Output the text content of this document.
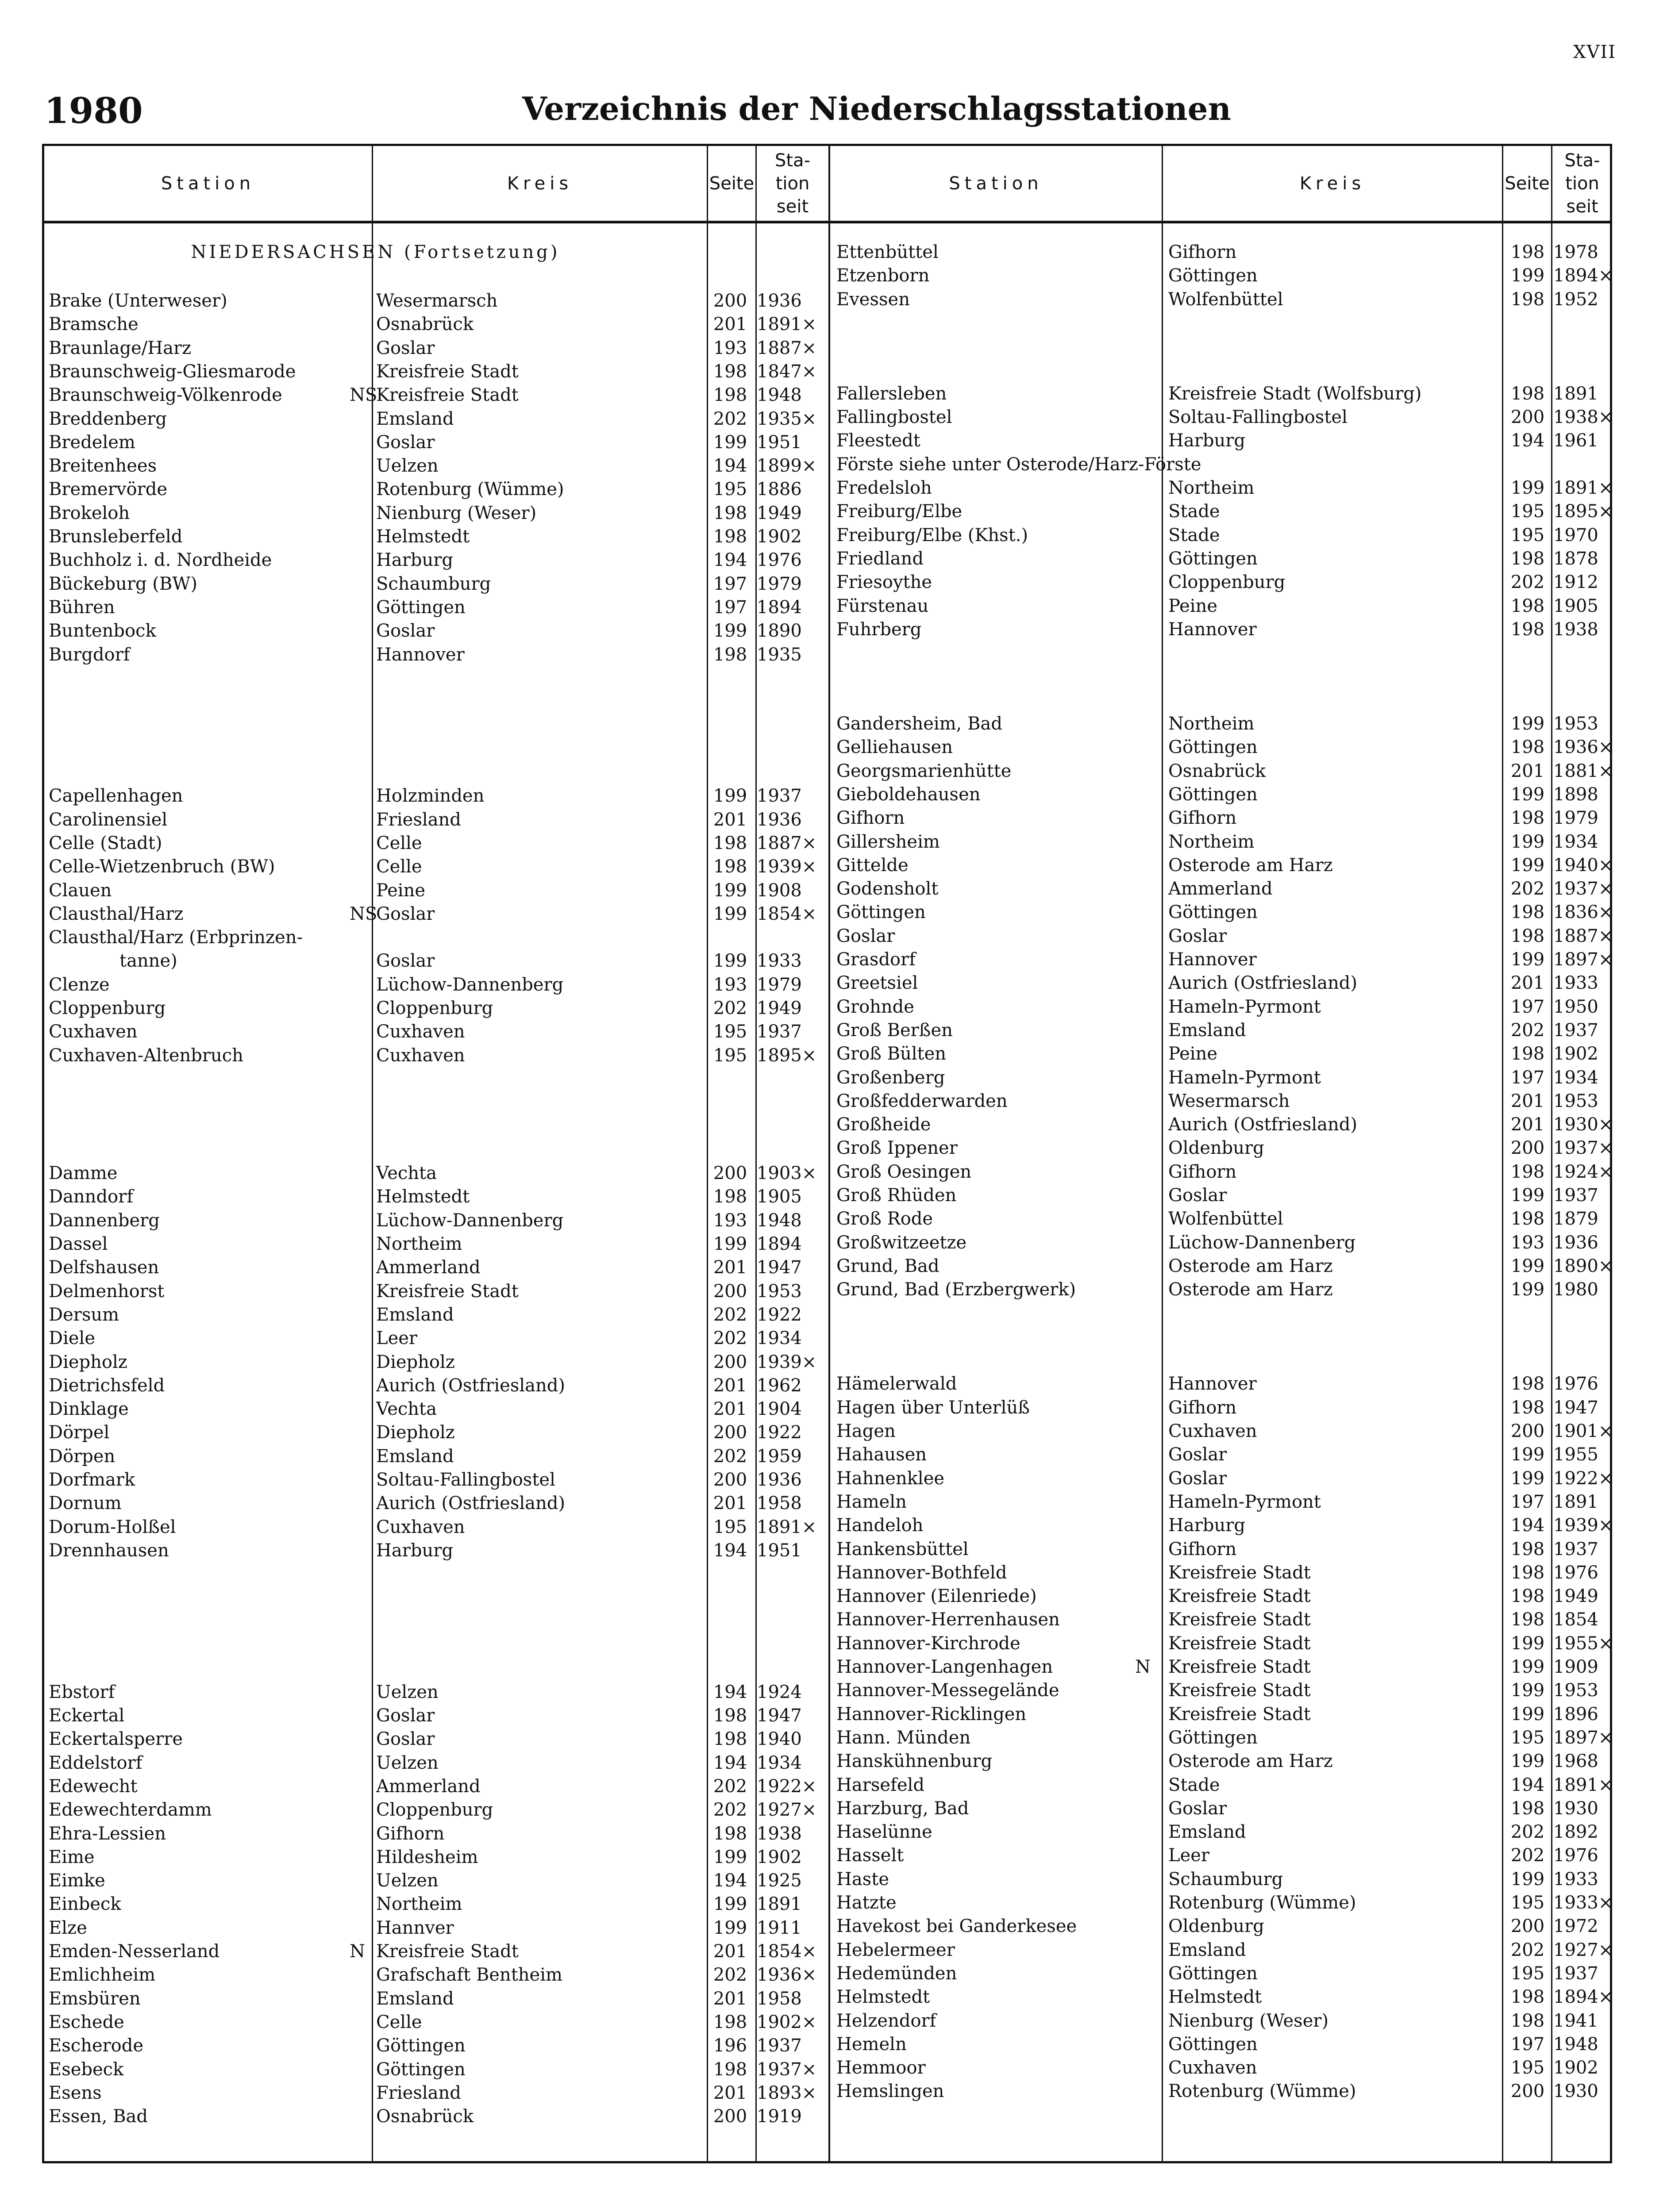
XVII
1980	Verzeichnis der Niederschlagsstationen
Station	Kreis	Seite
Sta-
tion
seit
Station	Kreis	Seite
Sta-
tion
seit
NIEDERSACHSEN (Fortsetzung)
Brake (Unterweser)	Wesermarsch	200 1936
Bramsche	Osnabrück	201 1891×
Braunlage/Harz	Goslar	193 1887×
Braunschweig-Gliesmarode	Kreisfreie Stadt	198 1847×
Braunschweig-Völkenrode	Kreisfreie Stadt	198 1948
NS
Breddenberg	Emsland	202 1935×
Bredelem	Goslar	199 1951
Breitenhees	Uelzen	194 1899×
Bremervörde	Rotenburg (Wümme)	195 1886
Brokeloh	Nienburg (Weser)	198 1949
Brunsleberfeld	Helmstedt	198 1902
Buchholz i. d. Nordheide	Harburg	194 1976
Bückeburg (BW)	Schaumburg	197 1979
Bühren	Göttingen	197 1894
Buntenbock	Goslar	199 1890
Burgdorf	Hannover	198 1935
Capellenhagen	Holzminden	199 1937
Carolinensiel	Friesland	201 1936
Celle (Stadt)	Celle	198 1887×
Celle-Wietzenbruch (BW)	Celle	198 1939×
Clauen	Peine	199 1908
Clausthal/Harz	Goslar	199 1854×
NS
Clausthal/Harz (Erbprinzen-
tanne)	Goslar	199 1933
Clenze	Lüchow-Dannenberg	193 1979
Cloppenburg	Cloppenburg	202 1949
Cuxhaven	Cuxhaven	195 1937
Cuxhaven-Altenbruch	Cuxhaven	195 1895×
Damme	Vechta	200 1903×
Danndorf	Helmstedt	198 1905
Dannenberg	Lüchow-Dannenberg	193 1948
Dassel	Northeim	199 1894
Delfshausen	Ammerland	201 1947
Delmenhorst	Kreisfreie Stadt	200 1953
Dersum	Emsland	202 1922
Diele	Leer	202 1934
Diepholz	Diepholz	200 1939×
Dietrichsfeld	Aurich (Ostfriesland)	201 1962
Dinklage	Vechta	201 1904
Dörpel	Diepholz	200 1922
Dörpen	Emsland	202 1959
Dorfmark	Soltau-Fallingbostel	200 1936
Dornum	Aurich (Ostfriesland)	201 1958
Dorum-Holßel	Cuxhaven	195 1891×
Drennhausen	Harburg	194 1951
Ebstorf	Uelzen	194 1924
Eckertal	Goslar	198 1947
Eckertalsperre	Goslar	198 1940
Eddelstorf	Uelzen	194 1934
Edewecht	Ammerland	202 1922×
Edewechterdamm	Cloppenburg	202 1927×
Ehra-Lessien	Gifhorn	198 1938
Eime	Hildesheim	199 1902
Eimke	Uelzen	194 1925
Einbeck	Northeim	199 1891
Elze	Hannver	199 1911
Emden-Nesserland	Kreisfreie Stadt	201 1854×
N
Emlichheim	Grafschaft Bentheim	202 1936×
Emsbüren	Emsland	201 1958
Eschede	Celle	198 1902×
Escherode	Göttingen	196 1937
Esebeck	Göttingen	198 1937×
Esens	Friesland	201 1893×
Essen, Bad	Osnabrück	200 1919
Ettenbüttel	Gifhorn	198 1978
Etzenborn	Göttingen	199 1894×
Evessen	Wolfenbüttel	198 1952
Fallersleben	Kreisfreie Stadt (Wolfsburg)	198 1891
Fallingbostel	Soltau-Fallingbostel	200 1938×
Fleestedt	Harburg	194 1961
Förste siehe unter Osterode/Harz-Förste
Fredelsloh	Northeim	199 1891×
Freiburg/Elbe	Stade	195 1895×
Freiburg/Elbe (Khst.)	Stade	195 1970
Friedland	Göttingen	198 1878
Friesoythe	Cloppenburg	202 1912
Fürstenau	Peine	198 1905
Fuhrberg	Hannover	198 1938
Gandersheim, Bad	Northeim	199 1953
Gelliehausen	Göttingen	198 1936×
Georgsmarienhütte	Osnabrück	201 1881×
Gieboldehausen	Göttingen	199 1898
Gifhorn	Gifhorn	198 1979
Gillersheim	Northeim	199 1934
Gittelde	Osterode am Harz	199 1940×
Godensholt	Ammerland	202 1937×
Göttingen	Göttingen	198 1836×
Goslar	Goslar	198 1887×
Grasdorf	Hannover	199 1897×
Greetsiel	Aurich (Ostfriesland)	201 1933
Grohnde	Hameln-Pyrmont	197 1950
Groß Berßen	Emsland	202 1937
Groß Bülten	Peine	198 1902
Großenberg	Hameln-Pyrmont	197 1934
Großfedderwarden	Wesermarsch	201 1953
Großheide	Aurich (Ostfriesland)	201 1930×
Groß Ippener	Oldenburg	200 1937×
Groß Oesingen	Gifhorn	198 1924×
Groß Rhüden	Goslar	199 1937
Groß Rode	Wolfenbüttel	198 1879
Großwitzeetze	Lüchow-Dannenberg	193 1936
Grund, Bad	Osterode am Harz	199 1890×
Grund, Bad (Erzbergwerk)	Osterode am Harz	199 1980
Hämelerwald	Hannover	198 1976
Hagen über Unterlüß	Gifhorn	198 1947
Hagen	Cuxhaven	200 1901×
Hahausen	Goslar	199 1955
Hahnenklee	Goslar	199 1922×
Hameln	Hameln-Pyrmont	197 1891
Handeloh	Harburg	194 1939×
Hankensbüttel	Gifhorn	198 1937
Hannover-Bothfeld	Kreisfreie Stadt	198 1976
Hannover (Eilenriede)	Kreisfreie Stadt	198 1949
Hannover-Herrenhausen	Kreisfreie Stadt	198 1854
Hannover-Kirchrode	Kreisfreie Stadt	199 1955×
Hannover-Langenhagen	Kreisfreie Stadt	199 1909
N
Hannover-Messegelände	Kreisfreie Stadt	199 1953
Hannover-Ricklingen	Kreisfreie Stadt	199 1896
Hann. Münden	Göttingen	195 1897×
Hanskühnenburg	Osterode am Harz	199 1968
Harsefeld	Stade	194 1891×
Harzburg, Bad	Goslar	198 1930
Haselünne	Emsland	202 1892
Hasselt	Leer	202 1976
Haste	Schaumburg	199 1933
Hatzte	Rotenburg (Wümme)	195 1933×
Havekost bei Ganderkesee	Oldenburg	200 1972
Hebelermeer	Emsland	202 1927×
Hedemünden	Göttingen	195 1937
Helmstedt	Helmstedt	198 1894×
Helzendorf	Nienburg (Weser)	198 1941
Hemeln	Göttingen	197 1948
Hemmoor	Cuxhaven	195 1902
Hemslingen	Rotenburg (Wümme)	200 1930
